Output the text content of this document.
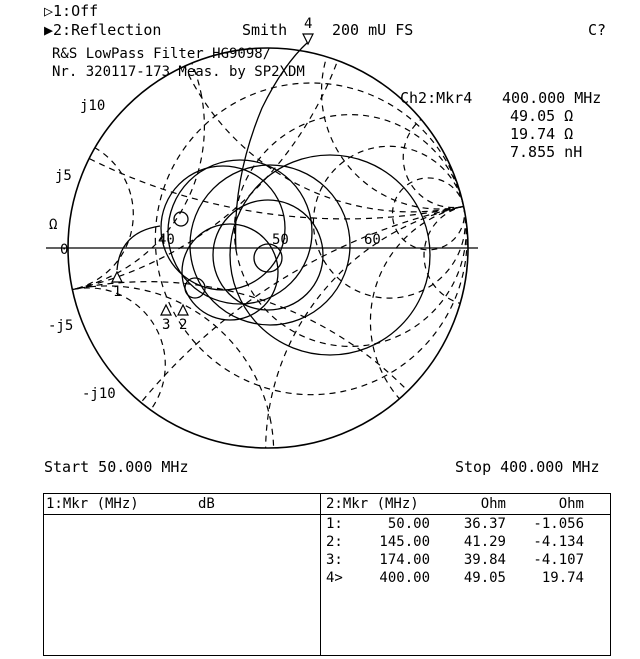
▷1:Off
▶2:Reflection	Smith	200 mU FS	C?
R&S LowPass Filter HG9098/
Nr. 320117-173 Meas. by SP2XDM
Ch2:Mkr4 400.000 MHz
49.05 Ω
19.74 Ω
7.855 nH
j10
j5
Ω
0
-j5
-j10
40	50	60
1
2
3
4
Start 50.000 MHz	Stop 400.000 MHz
1:Mkr (MHz)	dB	2:Mkr (MHz)	Ohm	Ohm
1:	50.00	36.37	-1.056
2:	145.00	41.29	-4.134
3:	174.00	39.84	-4.107
4>	400.00	49.05	19.74
